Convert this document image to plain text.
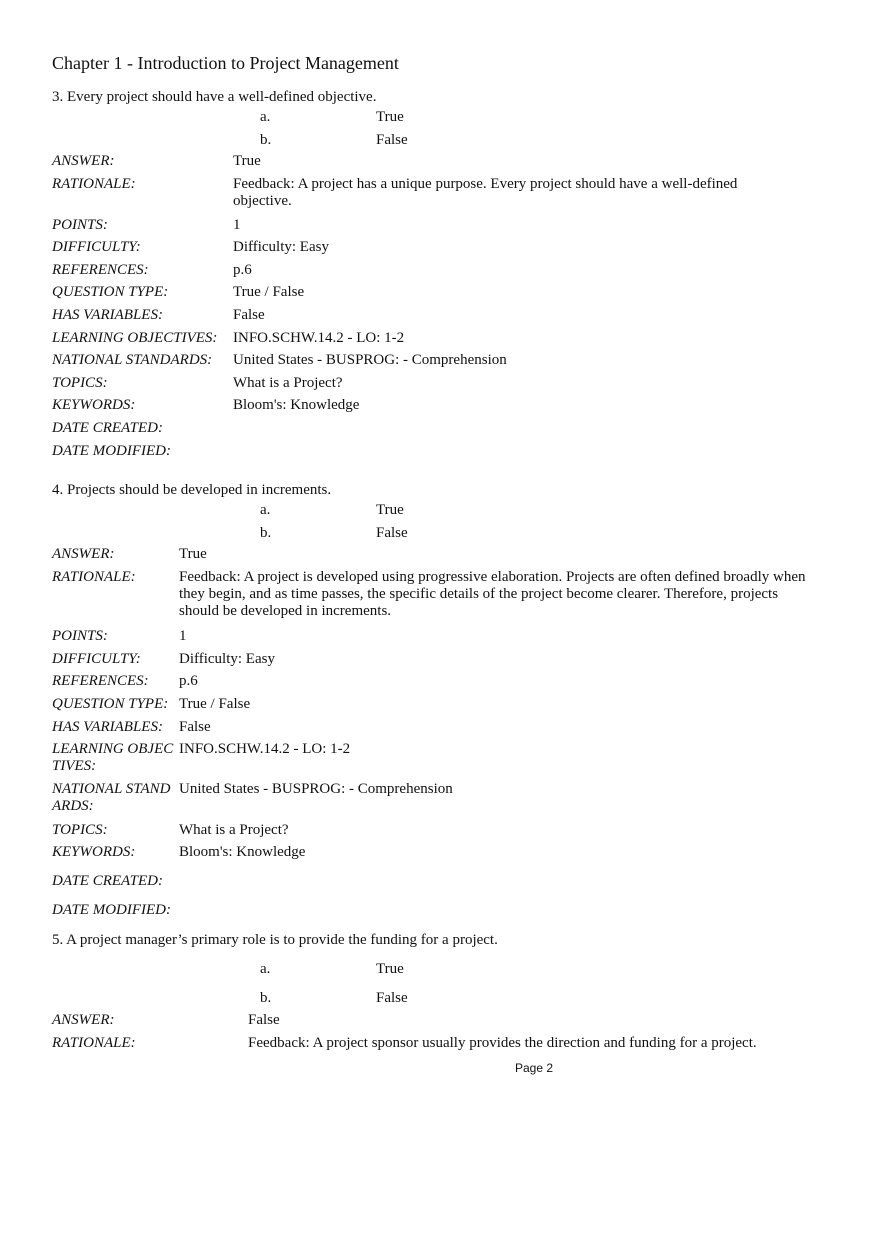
Chapter 1 - Introduction to Project Management
3. Every project should have a well-defined objective.
a.	True
b.	False
ANSWER:	True
RATIONALE:	Feedback: A project has a unique purpose. Every project should have a well-defined objective.
POINTS:	1
DIFFICULTY:	Difficulty: Easy
REFERENCES:	p.6
QUESTION TYPE:	True / False
HAS VARIABLES:	False
LEARNING OBJECTIVES: INFO.SCHW.14.2 - LO: 1-2
NATIONAL STANDARDS: United States - BUSPROG: - Comprehension
TOPICS:	What is a Project?
KEYWORDS:	Bloom's: Knowledge
DATE CREATED:
DATE MODIFIED:
4. Projects should be developed in increments.
a.	True
b.	False
ANSWER:	True
RATIONALE:	Feedback: A project is developed using progressive elaboration. Projects are often defined broadly when they begin, and as time passes, the specific details of the project become clearer. Therefore, projects should be developed in increments.
POINTS:	1
DIFFICULTY:	Difficulty: Easy
REFERENCES: p.6
QUESTION TYPE: True / False
HAS VARIABLES: False
LEARNING OBJECTIVES:
INFO.SCHW.14.2 - LO: 1-2
NATIONAL STANDARDS:
United States - BUSPROG: - Comprehension
TOPICS:	What is a Project?
KEYWORDS:	Bloom's: Knowledge
DATE CREATED:
DATE MODIFIED:
5. A project manager’s primary role is to provide the funding for a project.
a.	True
b.	False
ANSWER:	False
RATIONALE:	Feedback: A project sponsor usually provides the direction and funding for a project.
Page 2
